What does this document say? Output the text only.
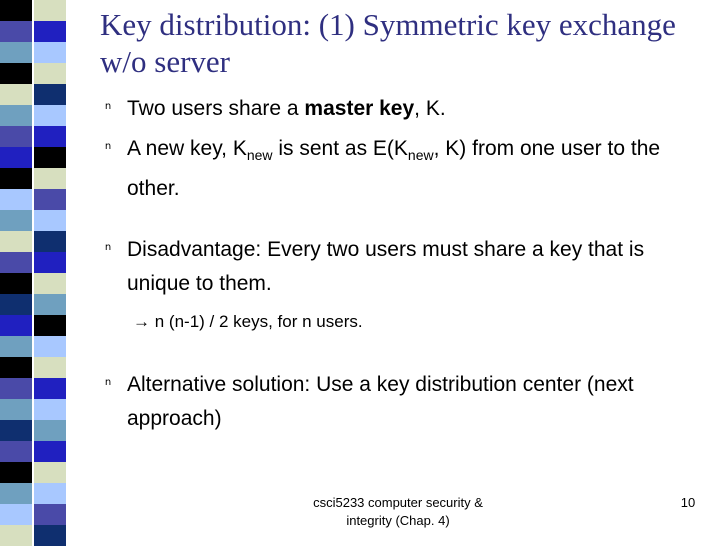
Key distribution: (1) Symmetric key exchange w/o server
n Two users share a master key, K.
n A new key, $K_{new}$ is sent as $E(K_{new}$, K) from one user to the other.
n Disadvantage: Every two users must share a key that is unique to them.
→ n (n-1) / 2 keys, for n users.
n Alternative solution: Use a key distribution center (next approach)
csci5233 computer security & integrity (Chap. 4)
10
